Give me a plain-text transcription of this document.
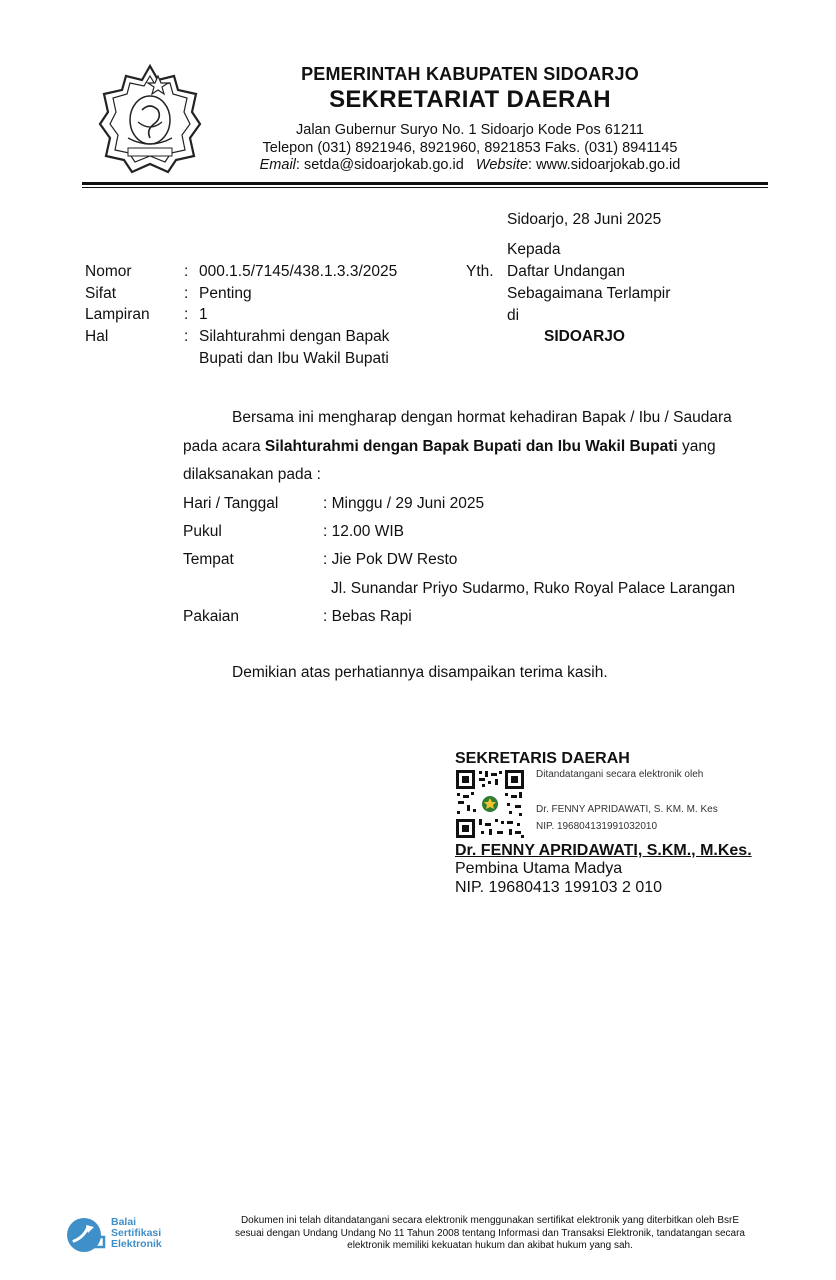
PEMERINTAH KABUPATEN SIDOARJO
SEKRETARIAT DAERAH
Jalan Gubernur Suryo No. 1 Sidoarjo Kode Pos 61211
Telepon (031) 8921946, 8921960, 8921853 Faks. (031) 8941145
Email: setda@sidoarjokab.go.id Website: www.sidoarjokab.go.id
Sidoarjo, 28 Juni 2025
Kepada
Yth. Daftar Undangan
Sebagaimana Terlampir
di
SIDOARJO
Nomor	: 000.1.5/7145/438.1.3.3/2025
Sifat	: Penting
Lampiran : 1
Hal	: Silahturahmi dengan Bapak
Bupati dan Ibu Wakil Bupati
Bersama ini mengharap dengan hormat kehadiran Bapak / Ibu / Saudara
pada acara Silahturahmi dengan Bapak Bupati dan Ibu Wakil Bupati yang
dilaksanakan pada :
Hari / Tanggal	: Minggu / 29 Juni 2025
Pukul	: 12.00 WIB
Tempat	: Jie Pok DW Resto
Jl. Sunandar Priyo Sudarmo, Ruko Royal Palace Larangan
Pakaian	: Bebas Rapi
Demikian atas perhatiannya disampaikan terima kasih.
SEKRETARIS DAERAH
Ditandatangani secara elektronik oleh
Dr. FENNY APRIDAWATI, S. KM. M. Kes
NIP. 196804131991032010
Dr. FENNY APRIDAWATI, S.KM., M.Kes.
Pembina Utama Madya
NIP. 19680413 199103 2 010
Balai
Sertifikasi
Elektronik
Dokumen ini telah ditandatangani secara elektronik menggunakan sertifikat elektronik yang diterbitkan oleh BsrE
sesuai dengan Undang Undang No 11 Tahun 2008 tentang Informasi dan Transaksi Elektronik, tandatangan secara
elektronik memiliki kekuatan hukum dan akibat hukum yang sah.
